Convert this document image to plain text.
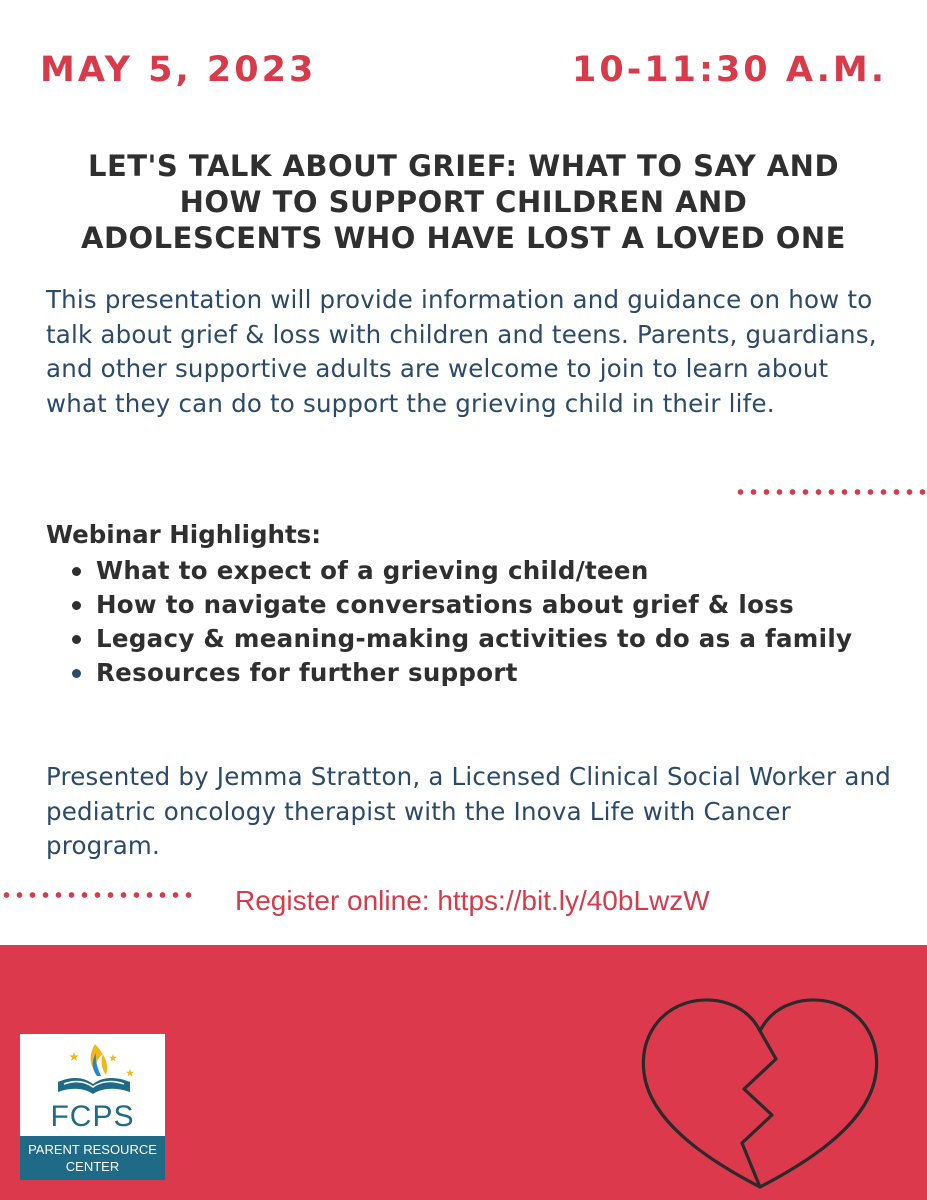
MAY 5, 2023	10-11:30 A.M.
LET'S TALK ABOUT GRIEF: WHAT TO SAY AND
HOW TO SUPPORT CHILDREN AND
ADOLESCENTS WHO HAVE LOST A LOVED ONE

This presentation will provide information and guidance on how to talk about grief & loss with children and teens. Parents, guardians, and other supportive adults are welcome to join to learn about what they can do to support the grieving child in their life.

Webinar Highlights:

What to expect of a grieving child/teen
How to navigate conversations about grief & loss
Legacy & meaning-making activities to do as a family
Resources for further support

Presented by Jemma Stratton, a Licensed Clinical Social Worker and pediatric oncology therapist with the Inova Life with Cancer program.

Register online: https://bit.ly/40bLwzW

FCPS
PARENT RESOURCE
CENTER
